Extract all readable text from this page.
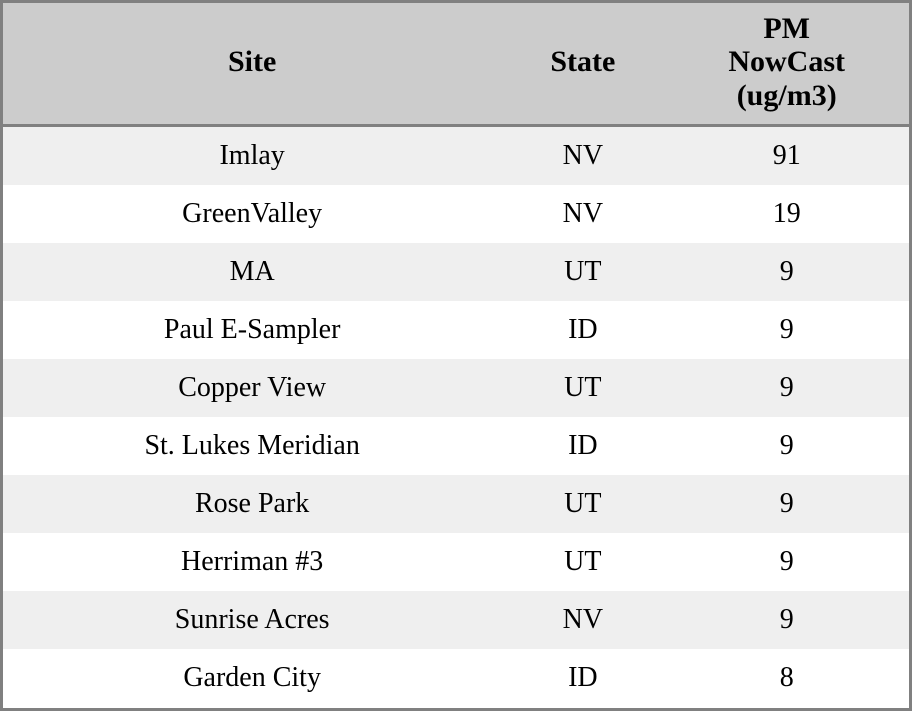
Site	State	PM
NowCast
(ug/m3)

Imlay	NV	91
GreenValley	NV	19
MA	UT	9
Paul E-Sampler	ID	9
Copper View	UT	9
St. Lukes Meridian	ID	9
Rose Park	UT	9
Herriman #3	UT	9
Sunrise Acres	NV	9
Garden City	ID	8
